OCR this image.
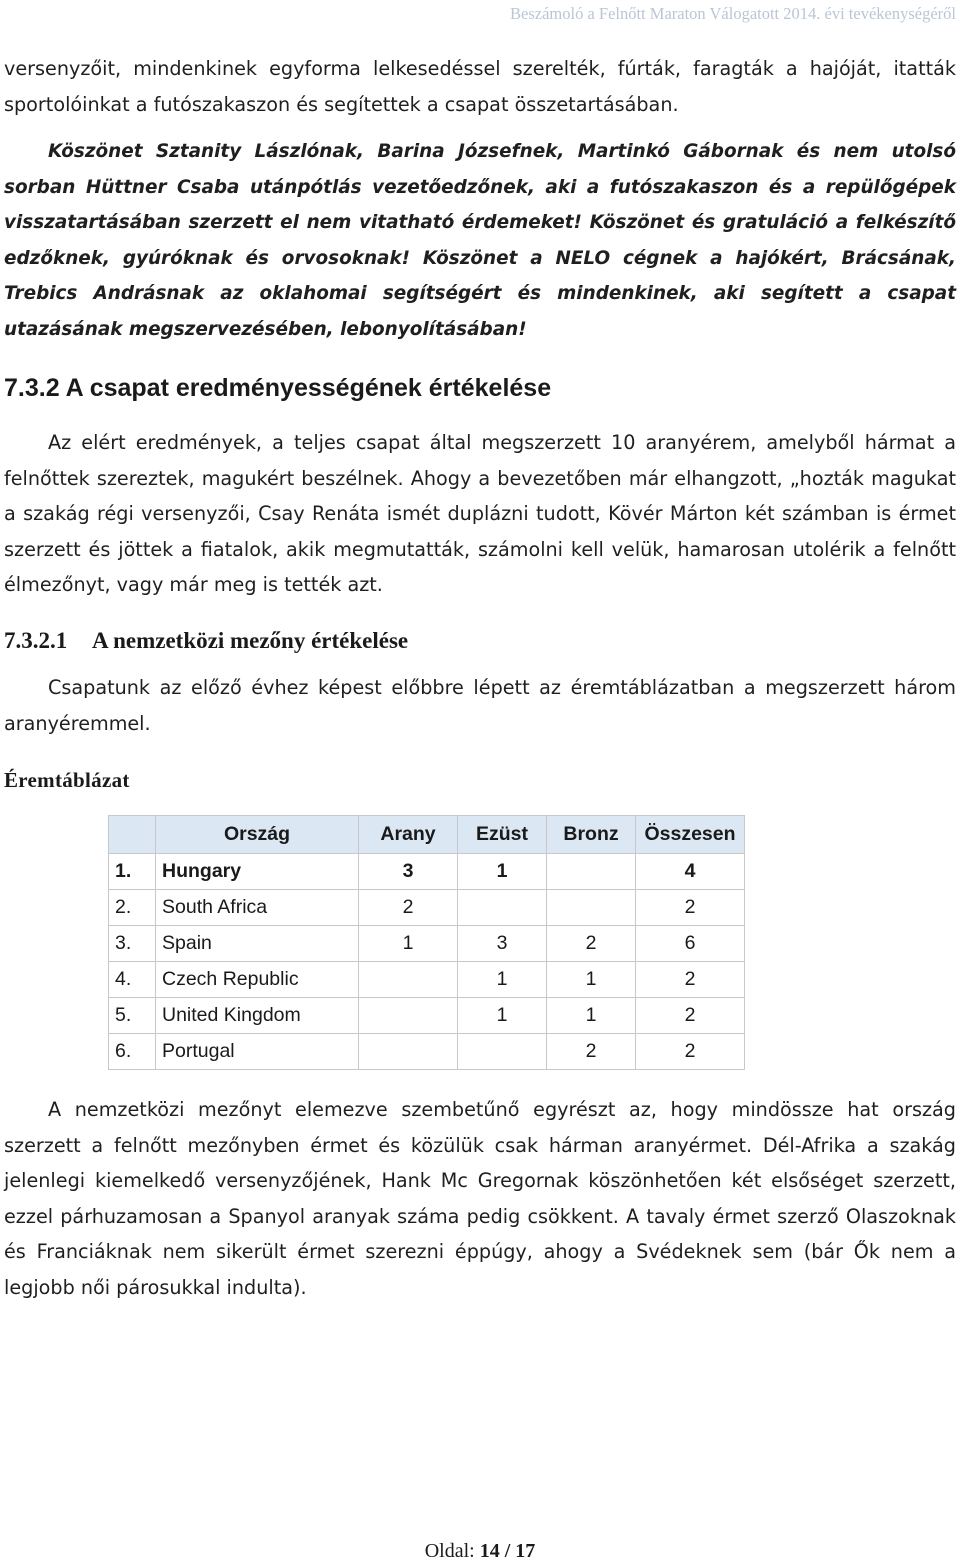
Beszámoló a Felnőtt Maraton Válogatott 2014. évi tevékenységéről

versenyzőit, mindenkinek egyforma lelkesedéssel szerelték, fúrták, faragták a hajóját, itatták sportolóinkat a futószakaszon és segítettek a csapat összetartásában.

Köszönet Sztanity Lászlónak, Barina Józsefnek, Martinkó Gábornak és nem utolsó sorban Hüttner Csaba utánpótlás vezetőedzőnek, aki a futószakaszon és a repülőgépek visszatartásában szerzett el nem vitatható érdemeket! Köszönet és gratuláció a felkészítő edzőknek, gyúróknak és orvosoknak! Köszönet a NELO cégnek a hajókért, Brácsának, Trebics Andrásnak az oklahomai segítségért és mindenkinek, aki segített a csapat utazásának megszervezésében, lebonyolításában!

7.3.2 A csapat eredményességének értékelése

Az elért eredmények, a teljes csapat által megszerzett 10 aranyérem, amelyből hármat a felnőttek szereztek, magukért beszélnek. Ahogy a bevezetőben már elhangzott, „hozták magukat a szakág régi versenyzői, Csay Renáta ismét duplázni tudott, Kövér Márton két számban is érmet szerzett és jöttek a fiatalok, akik megmutatták, számolni kell velük, hamarosan utolérik a felnőtt élmezőnyt, vagy már meg is tették azt.

7.3.2.1 A nemzetközi mezőny értékelése

Csapatunk az előző évhez képest előbbre lépett az éremtáblázatban a megszerzett három aranyéremmel.

Éremtáblázat
	Ország	Arany	Ezüst	Bronz	Összesen
1.	Hungary	3	1		4
2.	South Africa	2			2
3.	Spain	1	3	2	6
4.	Czech Republic		1	1	2
5.	United Kingdom		1	1	2
6.	Portugal			2	2

A nemzetközi mezőnyt elemezve szembetűnő egyrészt az, hogy mindössze hat ország szerzett a felnőtt mezőnyben érmet és közülük csak hárman aranyérmet. Dél-Afrika a szakág jelenlegi kiemelkedő versenyzőjének, Hank Mc Gregornak köszönhetően két elsőséget szerzett, ezzel párhuzamosan a Spanyol aranyak száma pedig csökkent. A tavaly érmet szerző Olaszoknak és Franciáknak nem sikerült érmet szerezni éppúgy, ahogy a Svédeknek sem (bár Ők nem a legjobb női párosukkal indulta).

Oldal: 14 / 17
